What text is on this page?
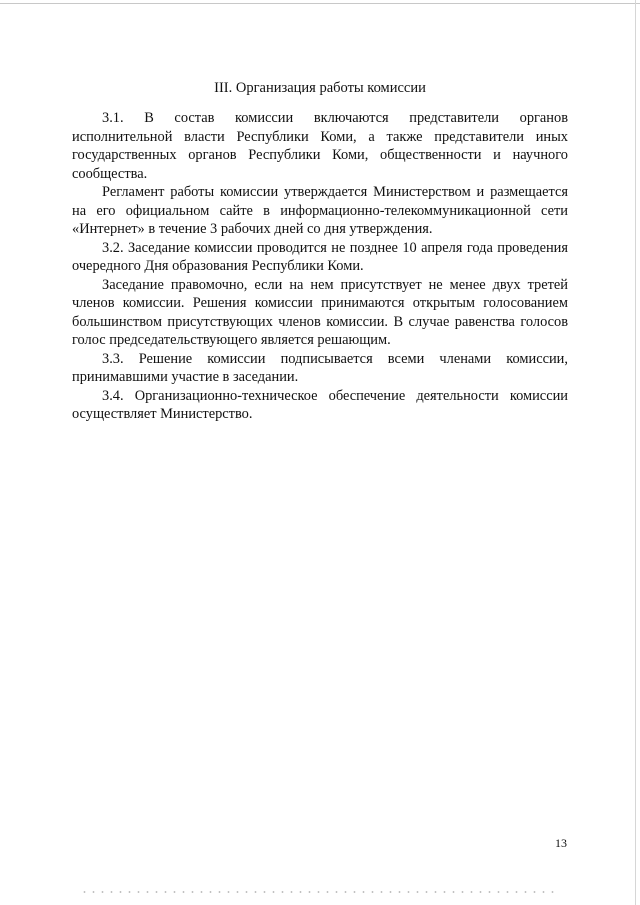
III. Организация работы комиссии

3.1. В состав комиссии включаются представители органов исполнительной власти Республики Коми, а также представители иных государственных органов Республики Коми, общественности и научного сообщества.

Регламент работы комиссии утверждается Министерством и размещается на его официальном сайте в информационно-телекоммуникационной сети «Интернет» в течение 3 рабочих дней со дня утверждения.

3.2. Заседание комиссии проводится не позднее 10 апреля года проведения очередного Дня образования Республики Коми.

Заседание правомочно, если на нем присутствует не менее двух третей членов комиссии. Решения комиссии принимаются открытым голосованием большинством присутствующих членов комиссии. В случае равенства голосов голос председательствующего является решающим.

3.3. Решение комиссии подписывается всеми членами комиссии, принимавшими участие в заседании.

3.4. Организационно-техническое обеспечение деятельности комиссии осуществляет Министерство.

13
